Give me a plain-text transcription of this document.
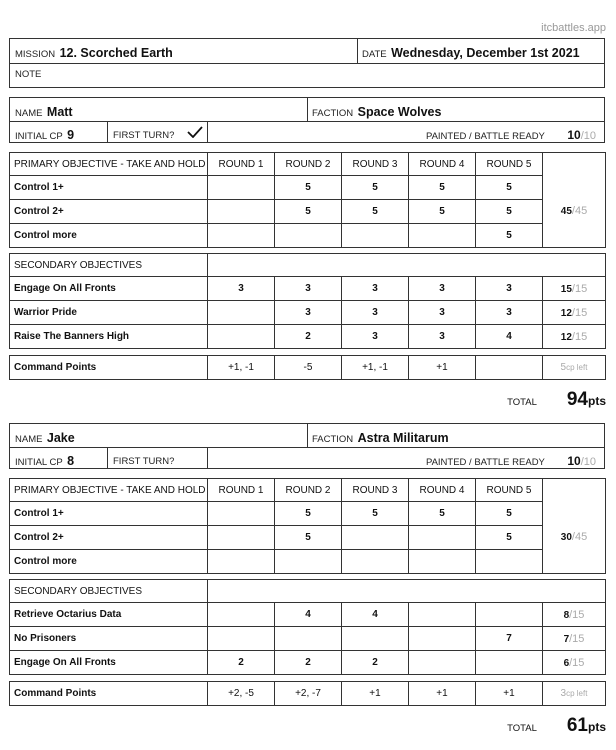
itcbattles.app
MISSION 12. Scorched Earth	DATE Wednesday, December 1st 2021
NOTE
NAME Matt	FACTION Space Wolves
INITIAL CP 9	FIRST TURN?	PAINTED / BATTLE READY 10/10
PRIMARY OBJECTIVE - TAKE AND HOLD	ROUND 1	ROUND 2	ROUND 3	ROUND 4	ROUND 5	
Control 1+		5	5	5	5	45/45
Control 2+		5	5	5	5	
Control more					5	
SECONDARY OBJECTIVES						
Engage On All Fronts	3	3	3	3	3	15/15
Warrior Pride		3	3	3	3	12/15
Raise The Banners High		2	3	3	4	12/15
Command Points	+1, -1	-5	+1, -1	+1		5cp left
TOTAL 94 pts
NAME Jake	FACTION Astra Militarum
INITIAL CP 8	FIRST TURN?	PAINTED / BATTLE READY 10/10
PRIMARY OBJECTIVE - TAKE AND HOLD	ROUND 1	ROUND 2	ROUND 3	ROUND 4	ROUND 5	
Control 1+		5	5	5	5	30/45
Control 2+		5			5	
Control more						
SECONDARY OBJECTIVES						
Retrieve Octarius Data		4	4			8/15
No Prisoners					7	7/15
Engage On All Fronts	2	2	2			6/15
Command Points	+2, -5	+2, -7	+1	+1	+1	3cp left
TOTAL 61 pts
